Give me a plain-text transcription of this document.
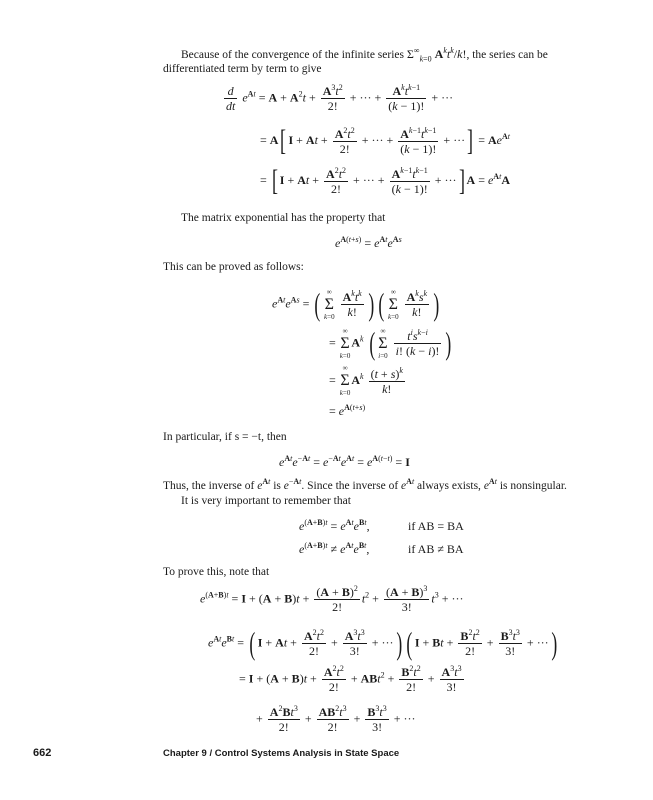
Because of the convergence of the infinite series $\Sigma^\infty_{k=0}$ $A^kt^k/k$!, the series can be
differentiated term by term to give
$\frac{d}{dt} e^{At} = A + A^2t + \frac{A^3t^2}{2!}$ + ··· + $\frac{A^kt^{k-1}}{(k - 1)!}$ + ···
= A[ $I + At + \frac{A^2t^2}{2!}$ + ··· + $\frac{A^{k-1}t^{k-1}}{(k - 1)!}$ + ···] = $Ae^{At}$
= [ $I + At + \frac{A^2t^2}{2!}$ + ··· + $\frac{A^{k-1}t^{k-1}}{(k - 1)!}$ + ···] $A = e^{At}A$
The matrix exponential has the property that
$e^{A(t+s)} = e^{At}e^{As}$
This can be proved as follows:
$e^{At}e^{As}$ = ( ∞
Σ
k=0
$\frac{A^kt^k}{k!}$ ) ( ∞
Σ
k=0
$\frac{A^ks^k}{k!}$ )
=
∞
Σ
k=0
$A^k$ ( ∞
Σ
i=0
$\frac{t^is^{k-i}}{i! (k - i)!}$ )
=
∞
Σ
k=0
$A^k \frac{(t + s)^k}{k!}$
= $e^{A(t+s)}$
In particular, if s = −t, then
$e^{At}e^{-At} = e^{-At}e^{At} = e^{A(t-t)} = I$
Thus, the inverse of $e^{At}$ is $e^{-At}$. Since the inverse of $e^{At}$ always exists, $e^{At}$ is nonsingular.
It is very important to remember that
$e^{(A+B)t} = e^{At}e^{Bt}$,	if AB = BA
$e^{(A+B)t} \ne e^{At}e^{Bt}$,	if AB ≠ BA
To prove this, note that
$e^{(A+B)t} = I + (A + B)t + \frac{(A + B)^2}{2!} t^2 + \frac{(A + B)^3}{3!} t^3$ + ···
$e^{At}e^{Bt}$ = ( $I + At + \frac{A^2t^2}{2!} + \frac{A^3t^3}{3!}$ + ···) ( $I + Bt + \frac{B^2t^2}{2!} + \frac{B^3t^3}{3!}$ + ···)
= $I + (A + B)t + \frac{A^2t^2}{2!} + ABt^2 + \frac{B^2t^2}{2!} + \frac{A^3t^3}{3!}$
+ $\frac{A^2Bt^3}{2!} + \frac{AB^2t^3}{2!} + \frac{B^3t^3}{3!}$ + ···
662	Chapter 9 / Control Systems Analysis in State Space
